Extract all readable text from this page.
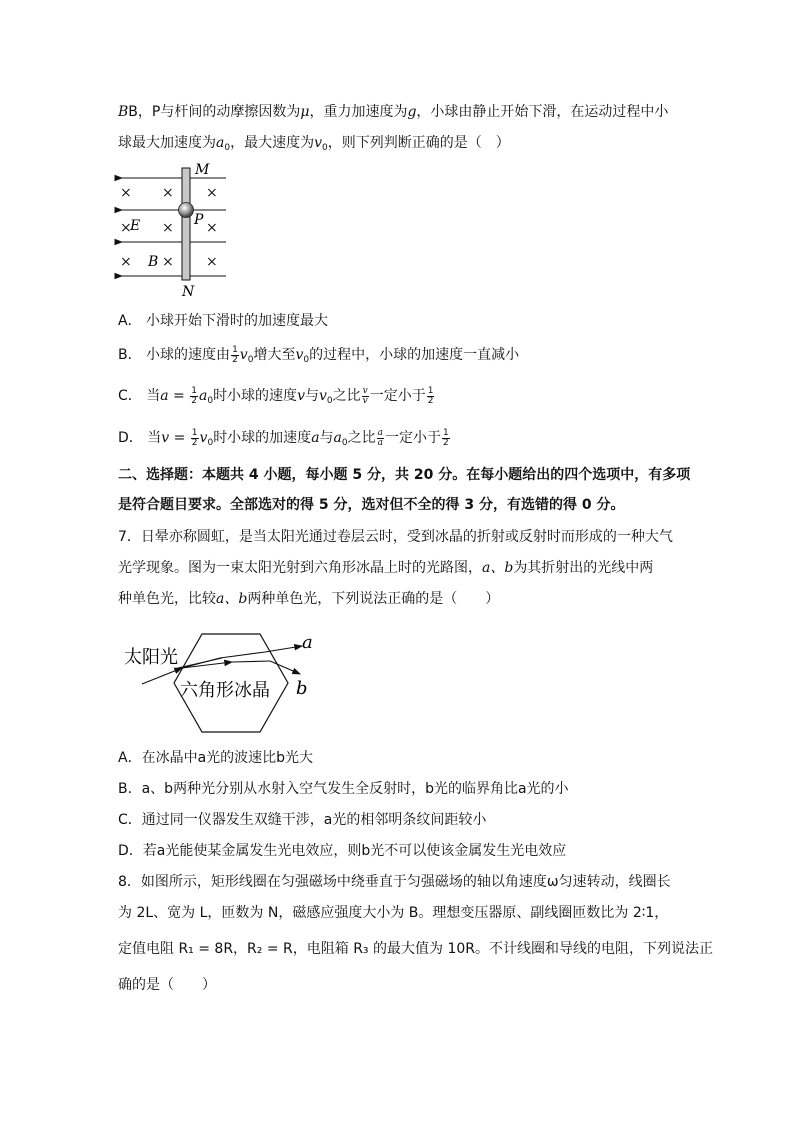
BB，P与杆间的动摩擦因数为μ，重力加速度为g，小球由静止开始下滑，在运动过程中小
球最大加速度为$a_0$，最大速度为$v_0$，则下列判断正确的是（　）
× × ×
× × ×
× × ×
M
P
E
B
N
A． 小球开始下滑时的加速度最大
B． 小球的速度由 $\frac{1}{2} v_0$增大至$v_0$的过程中，小球的加速度一直减小
C． 当$a = \frac{1}{2} a_0$时小球的速度v与$v_0$之比 $\frac{v}{v}$ 一定小于 $\frac{1}{2}$
D． 当$v = \frac{1}{2} v_0$时小球的加速度a与$a_0$之比 $\frac{a}{a}$ 一定小于 $\frac{1}{2}$
二、选择题：本题共 4 小题，每小题 5 分，共 20 分。在每小题给出的四个选项中，有多项
是符合题目要求。全部选对的得 5 分，选对但不全的得 3 分，有选错的得 0 分。
7．日晕亦称圆虹，是当太阳光通过卷层云时，受到冰晶的折射或反射时而形成的一种大气
光学现象。图为一束太阳光射到六角形冰晶上时的光路图，a、b为其折射出的光线中两
种单色光，比较a、b两种单色光，下列说法正确的是（　　）
太阳光
六角形冰晶
a
b
A．在冰晶中a光的波速比b光大
B．a、b两种光分别从水射入空气发生全反射时，b光的临界角比a光的小
C．通过同一仪器发生双缝干涉，a光的相邻明条纹间距较小
D．若a光能使某金属发生光电效应，则b光不可以使该金属发生光电效应
8．如图所示，矩形线圈在匀强磁场中绕垂直于匀强磁场的轴以角速度ω匀速转动，线圈长
为 2L、宽为 L，匝数为 N，磁感应强度大小为 B。理想变压器原、副线圈匝数比为 2∶1，
定值电阻 R₁ = 8R，R₂ = R，电阻箱 R₃ 的最大值为 10R。不计线圈和导线的电阻，下列说法正
确的是（　　）
